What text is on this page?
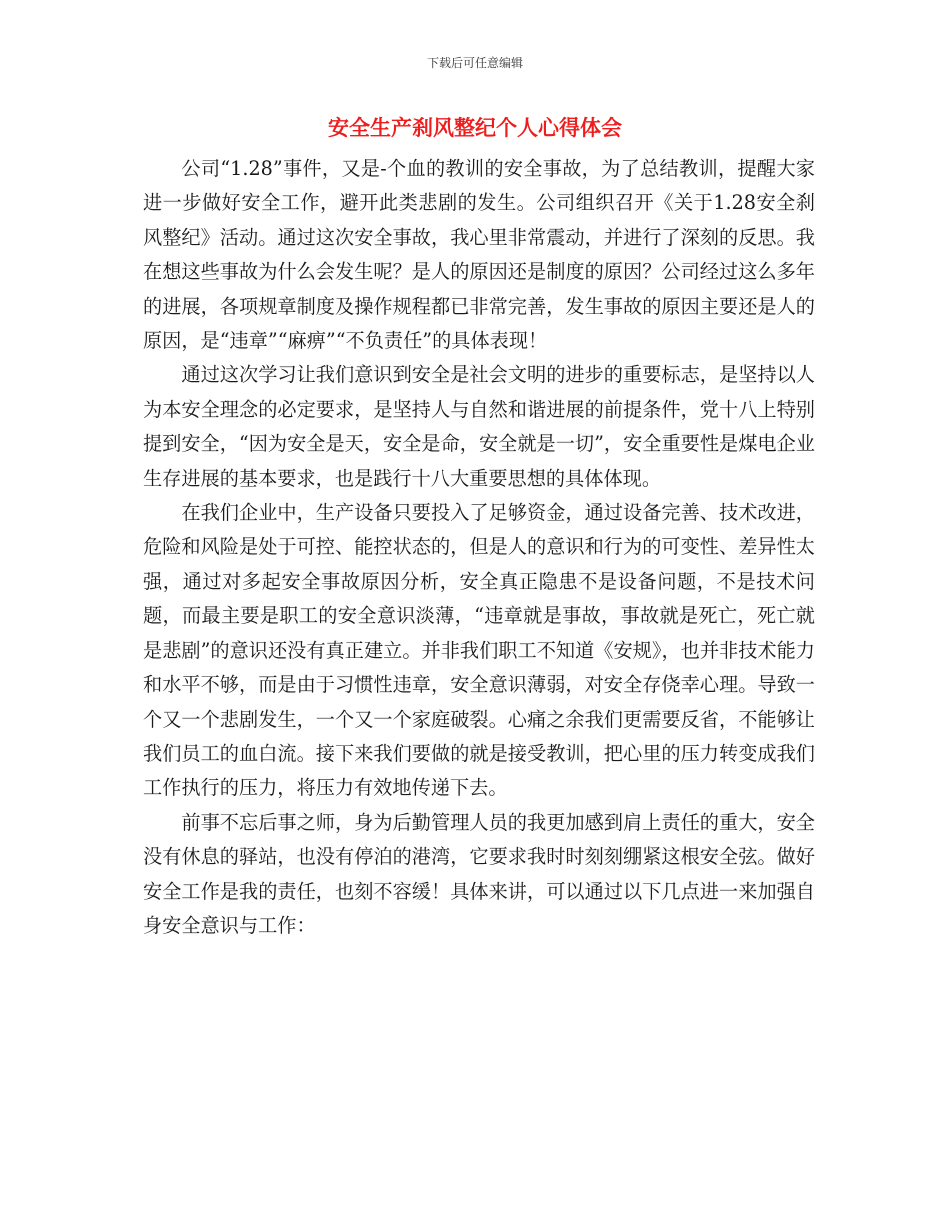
下载后可任意编辑
安全生产刹风整纪个人心得体会

公司“1.28”事件，又是-个血的教训的安全事故，为了总结教训，提醒大家进一步做好安全工作，避开此类悲剧的发生。公司组织召开《关于1.28安全刹风整纪》活动。通过这次安全事故，我心里非常震动，并进行了深刻的反思。我在想这些事故为什么会发生呢？是人的原因还是制度的原因？公司经过这么多年的进展，各项规章制度及操作规程都已非常完善，发生事故的原因主要还是人的原因，是“违章”“麻痹”“不负责任”的具体表现！

通过这次学习让我们意识到安全是社会文明的进步的重要标志，是坚持以人为本安全理念的必定要求，是坚持人与自然和谐进展的前提条件，党十八上特别提到安全，“因为安全是天，安全是命，安全就是一切”，安全重要性是煤电企业生存进展的基本要求，也是践行十八大重要思想的具体体现。

在我们企业中，生产设备只要投入了足够资金，通过设备完善、技术改进，危险和风险是处于可控、能控状态的，但是人的意识和行为的可变性、差异性太强，通过对多起安全事故原因分析，安全真正隐患不是设备问题，不是技术问题，而最主要是职工的安全意识淡薄，“违章就是事故，事故就是死亡，死亡就是悲剧”的意识还没有真正建立。并非我们职工不知道《安规》，也并非技术能力和水平不够，而是由于习惯性违章，安全意识薄弱，对安全存侥幸心理。导致一个又一个悲剧发生，一个又一个家庭破裂。心痛之余我们更需要反省，不能够让我们员工的血白流。接下来我们要做的就是接受教训，把心里的压力转变成我们工作执行的压力，将压力有效地传递下去。

前事不忘后事之师，身为后勤管理人员的我更加感到肩上责任的重大，安全没有休息的驿站，也没有停泊的港湾，它要求我时时刻刻绷紧这根安全弦。做好安全工作是我的责任，也刻不容缓！具体来讲，可以通过以下几点进一来加强自身安全意识与工作：
